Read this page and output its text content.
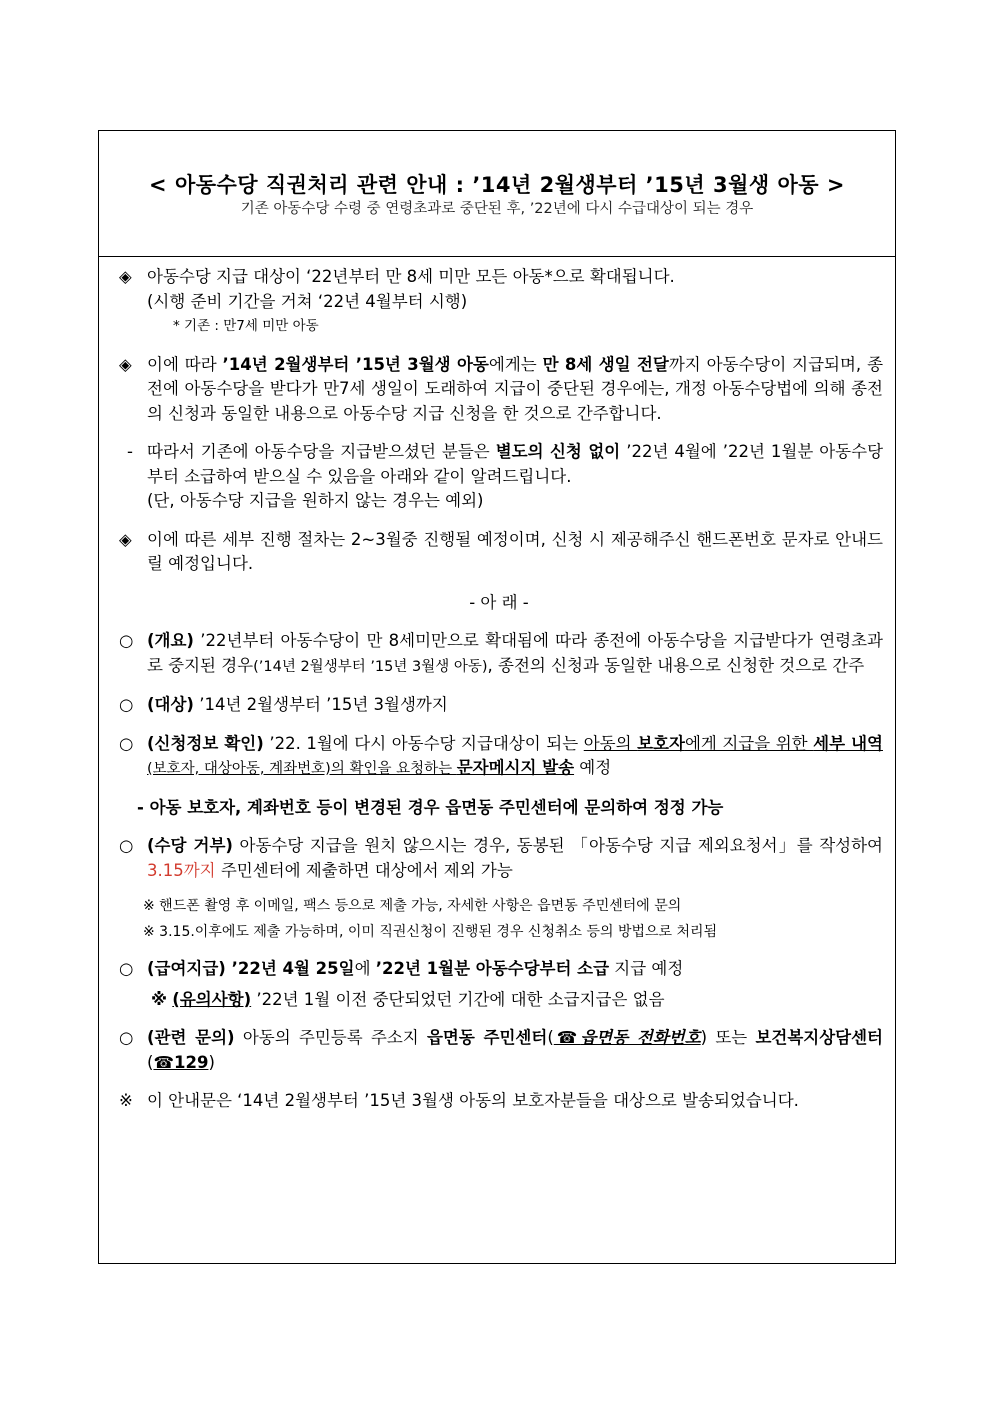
< 아동수당 직권처리 관련 안내 : ’14년 2월생부터 ’15년 3월생 아동 >
기존 아동수당 수령 중 연령초과로 중단된 후, ’22년에 다시 수급대상이 되는 경우
◈ 아동수당 지급 대상이 ‘22년부터 만 8세 미만 모든 아동*으로 확대됩니다.
(시행 준비 기간을 거쳐 ‘22년 4월부터 시행)
* 기존 : 만7세 미만 아동
◈ 이에 따라 ’14년 2월생부터 ’15년 3월생 아동에게는 만 8세 생일 전달까지 아동수당이 지급되며, 종전에 아동수당을 받다가 만7세 생일이 도래하여 지급이 중단된 경우에는, 개정 아동수당법에 의해 종전의 신청과 동일한 내용으로 아동수당 지급 신청을 한 것으로 간주합니다.
- 따라서 기존에 아동수당을 지급받으셨던 분들은 별도의 신청 없이 ’22년 4월에 ’22년 1월분 아동수당부터 소급하여 받으실 수 있음을 아래와 같이 알려드립니다.
(단, 아동수당 지급을 원하지 않는 경우는 예외)
◈ 이에 따른 세부 진행 절차는 2~3월중 진행될 예정이며, 신청 시 제공해주신 핸드폰번호 문자로 안내드릴 예정입니다.
- 아 래 -
○ (개요) ’22년부터 아동수당이 만 8세미만으로 확대됨에 따라 종전에 아동수당을 지급받다가 연령초과로 중지된 경우(’14년 2월생부터 ’15년 3월생 아동), 종전의 신청과 동일한 내용으로 신청한 것으로 간주
○ (대상) ’14년 2월생부터 ’15년 3월생까지
○ (신청정보 확인) ’22. 1월에 다시 아동수당 지급대상이 되는 아동의 보호자에게 지급을 위한 세부 내역(보호자, 대상아동, 계좌번호)의 확인을 요청하는 문자메시지 발송 예정
- 아동 보호자, 계좌번호 등이 변경된 경우 읍면동 주민센터에 문의하여 정정 가능
○ (수당 거부) 아동수당 지급을 원치 않으시는 경우, 동봉된 「아동수당 지급 제외요청서」를 작성하여 3.15까지 주민센터에 제출하면 대상에서 제외 가능
※ 핸드폰 촬영 후 이메일, 팩스 등으로 제출 가능, 자세한 사항은 읍면동 주민센터에 문의
※ 3.15.이후에도 제출 가능하며, 이미 직권신청이 진행된 경우 신청취소 등의 방법으로 처리됨
○ (급여지급) ’22년 4월 25일에 ’22년 1월분 아동수당부터 소급 지급 예정
※ (유의사항) ’22년 1월 이전 중단되었던 기간에 대한 소급지급은 없음
○ (관련 문의) 아동의 주민등록 주소지 읍면동 주민센터(☎읍면동 전화번호) 또는 보건복지상담센터(☎129)
※ 이 안내문은 ‘14년 2월생부터 ’15년 3월생 아동의 보호자분들을 대상으로 발송되었습니다.
